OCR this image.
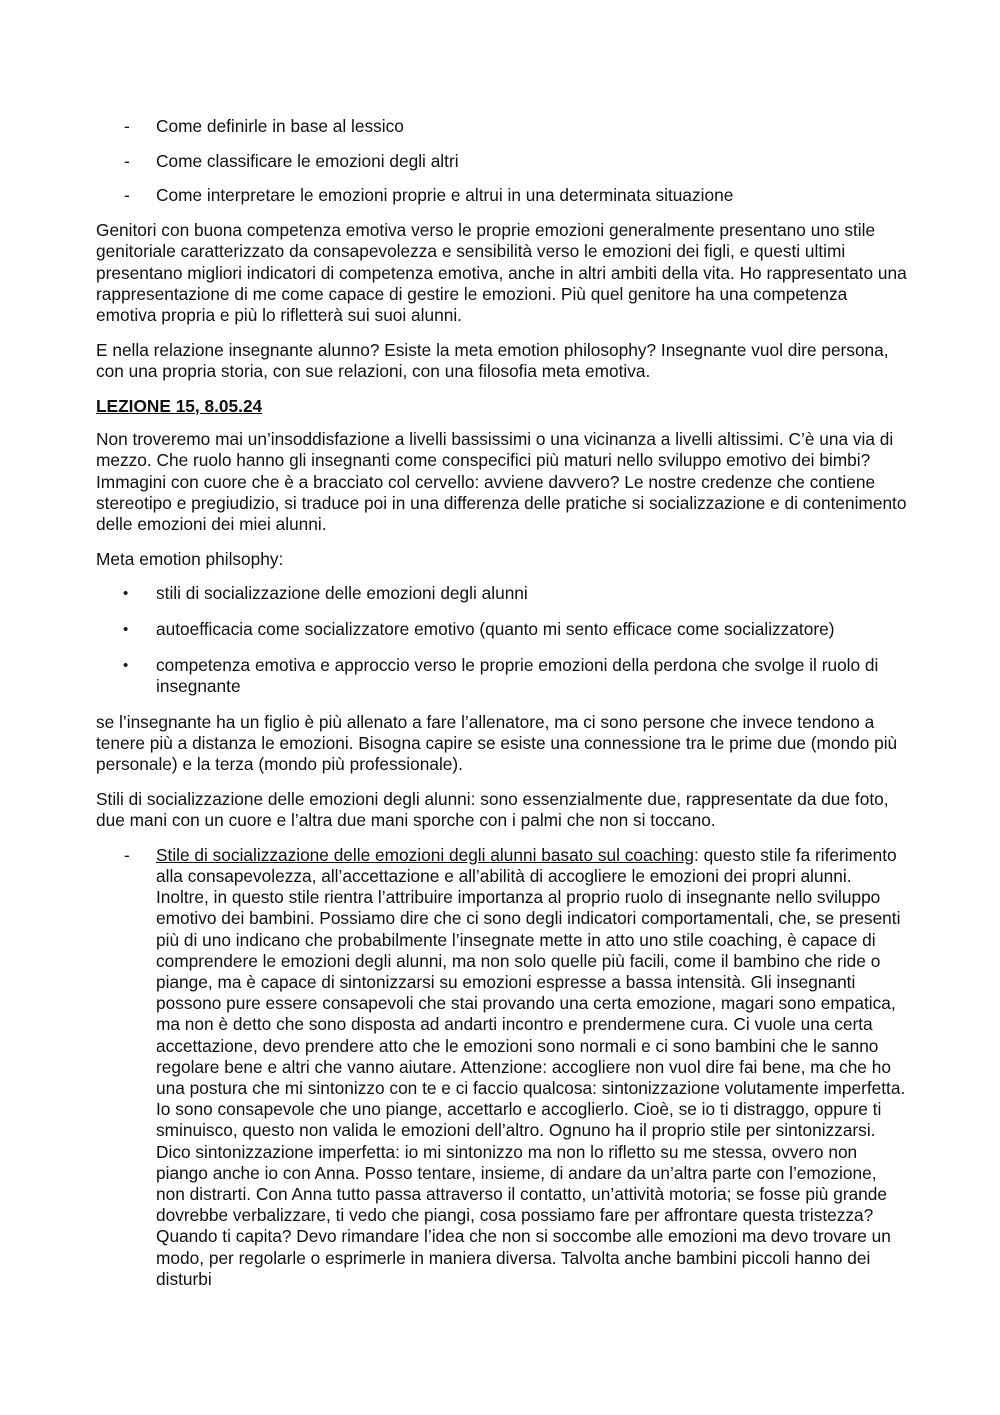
- Come definirle in base al lessico
- Come classificare le emozioni degli altri
- Come interpretare le emozioni proprie e altrui in una determinata situazione

Genitori con buona competenza emotiva verso le proprie emozioni generalmente presentano uno stile genitoriale caratterizzato da consapevolezza e sensibilità verso le emozioni dei figli, e questi ultimi presentano migliori indicatori di competenza emotiva, anche in altri ambiti della vita. Ho rappresentato una rappresentazione di me come capace di gestire le emozioni. Più quel genitore ha una competenza emotiva propria e più lo rifletterà sui suoi alunni.

E nella relazione insegnante alunno? Esiste la meta emotion philosophy? Insegnante vuol dire persona, con una propria storia, con sue relazioni, con una filosofia meta emotiva.

LEZIONE 15, 8.05.24

Non troveremo mai un’insoddisfazione a livelli bassissimi o una vicinanza a livelli altissimi. C’è una via di mezzo. Che ruolo hanno gli insegnanti come conspecifici più maturi nello sviluppo emotivo dei bimbi? Immagini con cuore che è a bracciato col cervello: avviene davvero? Le nostre credenze che contiene stereotipo e pregiudizio, si traduce poi in una differenza delle pratiche si socializzazione e di contenimento delle emozioni dei miei alunni.

Meta emotion philsophy:

• stili di socializzazione delle emozioni degli alunni
• autoefficacia come socializzatore emotivo (quanto mi sento efficace come socializzatore)
• competenza emotiva e approccio verso le proprie emozioni della perdona che svolge il ruolo di insegnante

se l’insegnante ha un figlio è più allenato a fare l’allenatore, ma ci sono persone che invece tendono a tenere più a distanza le emozioni. Bisogna capire se esiste una connessione tra le prime due (mondo più personale) e la terza (mondo più professionale).

Stili di socializzazione delle emozioni degli alunni: sono essenzialmente due, rappresentate da due foto, due mani con un cuore e l’altra due mani sporche con i palmi che non si toccano.

- Stile di socializzazione delle emozioni degli alunni basato sul coaching: questo stile fa riferimento alla consapevolezza, all’accettazione e all’abilità di accogliere le emozioni dei propri alunni. Inoltre, in questo stile rientra l’attribuire importanza al proprio ruolo di insegnante nello sviluppo emotivo dei bambini. Possiamo dire che ci sono degli indicatori comportamentali, che, se presenti più di uno indicano che probabilmente l’insegnate mette in atto uno stile coaching, è capace di comprendere le emozioni degli alunni, ma non solo quelle più facili, come il bambino che ride o piange, ma è capace di sintonizzarsi su emozioni espresse a bassa intensità. Gli insegnanti possono pure essere consapevoli che stai provando una certa emozione, magari sono empatica, ma non è detto che sono disposta ad andarti incontro e prendermene cura. Ci vuole una certa accettazione, devo prendere atto che le emozioni sono normali e ci sono bambini che le sanno regolare bene e altri che vanno aiutare. Attenzione: accogliere non vuol dire fai bene, ma che ho una postura che mi sintonizzo con te e ci faccio qualcosa: sintonizzazione volutamente imperfetta. Io sono consapevole che uno piange, accettarlo e accoglierlo. Cioè, se io ti distraggo, oppure ti sminuisco, questo non valida le emozioni dell’altro. Ognuno ha il proprio stile per sintonizzarsi. Dico sintonizzazione imperfetta: io mi sintonizzo ma non lo rifletto su me stessa, ovvero non piango anche io con Anna. Posso tentare, insieme, di andare da un’altra parte con l’emozione, non distrarti. Con Anna tutto passa attraverso il contatto, un’attività motoria; se fosse più grande dovrebbe verbalizzare, ti vedo che piangi, cosa possiamo fare per affrontare questa tristezza? Quando ti capita? Devo rimandare l’idea che non si soccombe alle emozioni ma devo trovare un modo, per regolarle o esprimerle in maniera diversa. Talvolta anche bambini piccoli hanno dei disturbi
